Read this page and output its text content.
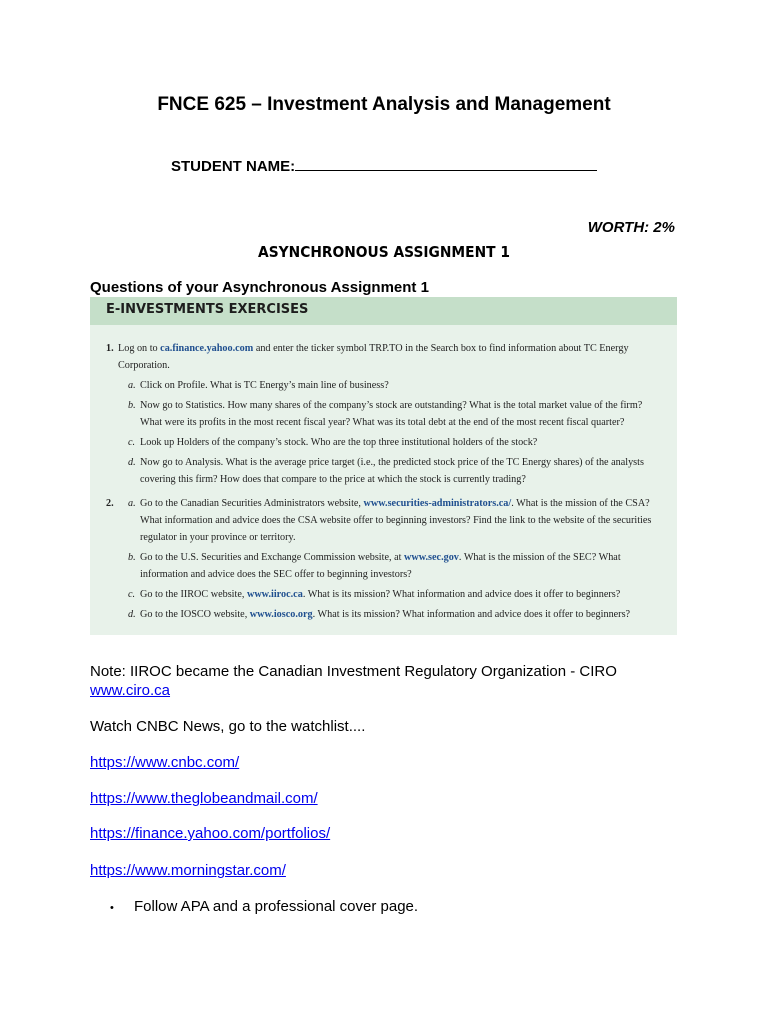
FNCE 625 – Investment Analysis and Management
STUDENT NAME:
WORTH: 2%
ASYNCHRONOUS ASSIGNMENT 1
Questions of your Asynchronous Assignment 1
E-INVESTMENTS EXERCISES
1. Log on to ca.finance.yahoo.com and enter the ticker symbol TRP.TO in the Search box to find information about TC Energy Corporation.
a. Click on Profile. What is TC Energy’s main line of business?
b. Now go to Statistics. How many shares of the company’s stock are outstanding? What is the total market value of the firm? What were its profits in the most recent fiscal year? What was its total debt at the end of the most recent fiscal quarter?
c. Look up Holders of the company’s stock. Who are the top three institutional holders of the stock?
d. Now go to Analysis. What is the average price target (i.e., the predicted stock price of the TC Energy shares) of the analysts covering this firm? How does that compare to the price at which the stock is currently trading?
2. a. Go to the Canadian Securities Administrators website, www.securities-administrators.ca/. What is the mission of the CSA? What information and advice does the CSA website offer to beginning investors? Find the link to the website of the securities regulator in your province or territory.
b. Go to the U.S. Securities and Exchange Commission website, at www.sec.gov. What is the mission of the SEC? What information and advice does the SEC offer to beginning investors?
c. Go to the IIROC website, www.iiroc.ca. What is its mission? What information and advice does it offer to beginners?
d. Go to the IOSCO website, www.iosco.org. What is its mission? What information and advice does it offer to beginners?
Note: IIROC became the Canadian Investment Regulatory Organization - CIRO
www.ciro.ca
Watch CNBC News, go to the watchlist....
https://www.cnbc.com/
https://www.theglobeandmail.com/
https://finance.yahoo.com/portfolios/
https://www.morningstar.com/
• Follow APA and a professional cover page.
